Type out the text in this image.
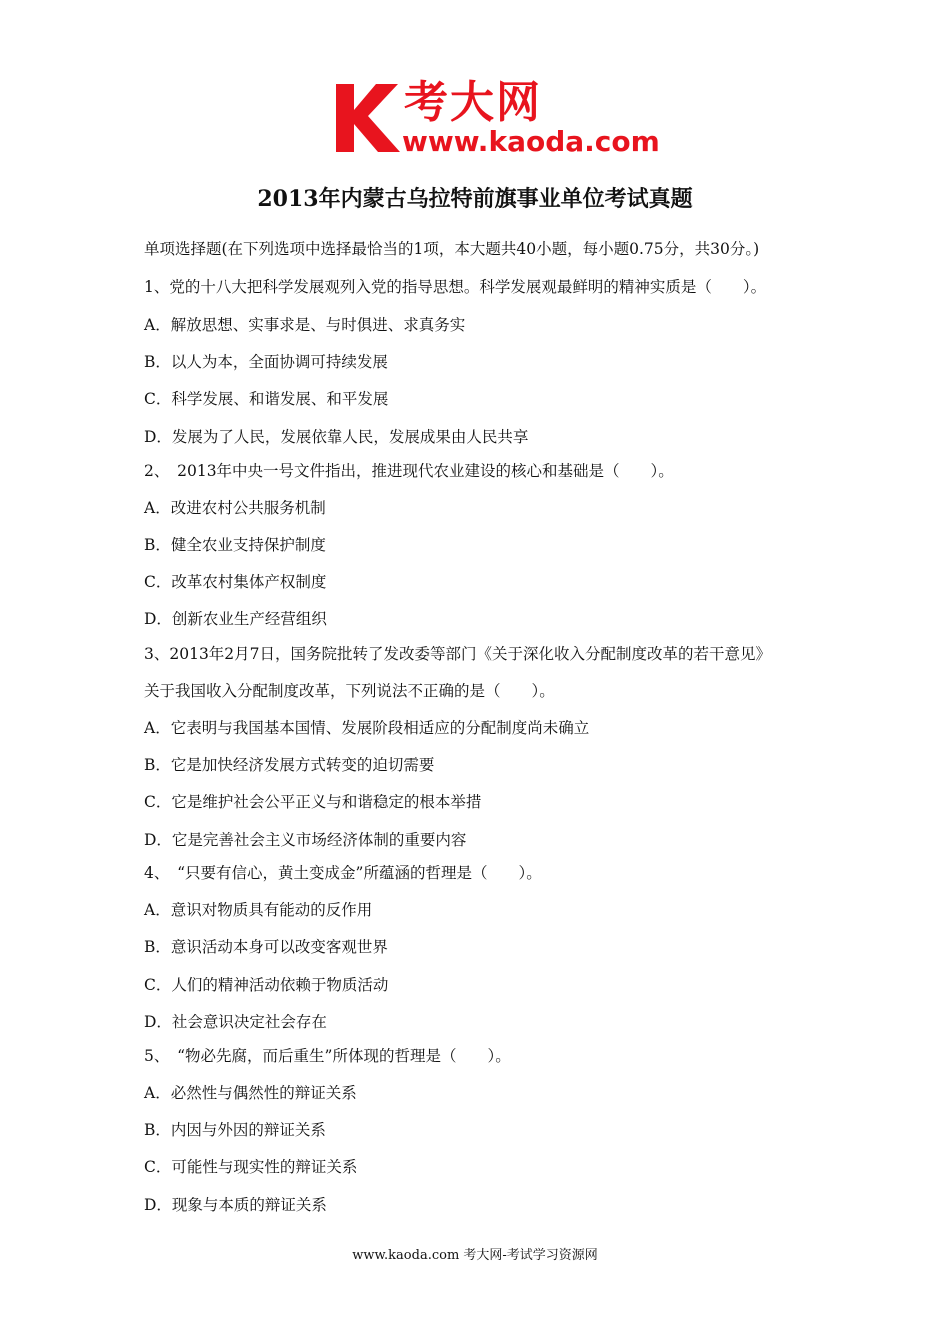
考大网
www.kaoda.com
2013年内蒙古乌拉特前旗事业单位考试真题
单项选择题(在下列选项中选择最恰当的1项，本大题共40小题，每小题0.75分，共30分。)
1、党的十八大把科学发展观列入党的指导思想。科学发展观最鲜明的精神实质是（　　）。
A．解放思想、实事求是、与时俱进、求真务实
B．以人为本，全面协调可持续发展
C．科学发展、和谐发展、和平发展
D．发展为了人民，发展依靠人民，发展成果由人民共享
2、　2013年中央一号文件指出，推进现代农业建设的核心和基础是（　　）。
A．改进农村公共服务机制
B．健全农业支持保护制度
C．改革农村集体产权制度
D．创新农业生产经营组织
3、2013年2月7日，国务院批转了发改委等部门《关于深化收入分配制度改革的若干意见》
关于我国收入分配制度改革，下列说法不正确的是（　　）。
A．它表明与我国基本国情、发展阶段相适应的分配制度尚未确立
B．它是加快经济发展方式转变的迫切需要
C．它是维护社会公平正义与和谐稳定的根本举措
D．它是完善社会主义市场经济体制的重要内容
4、　“只要有信心，黄土变成金”所蕴涵的哲理是（　　）。
A．意识对物质具有能动的反作用
B．意识活动本身可以改变客观世界
C．人们的精神活动依赖于物质活动
D．社会意识决定社会存在
5、　“物必先腐，而后重生”所体现的哲理是（　　）。
A．必然性与偶然性的辩证关系
B．内因与外因的辩证关系
C．可能性与现实性的辩证关系
D．现象与本质的辩证关系
www.kaoda.com 考大网-考试学习资源网
